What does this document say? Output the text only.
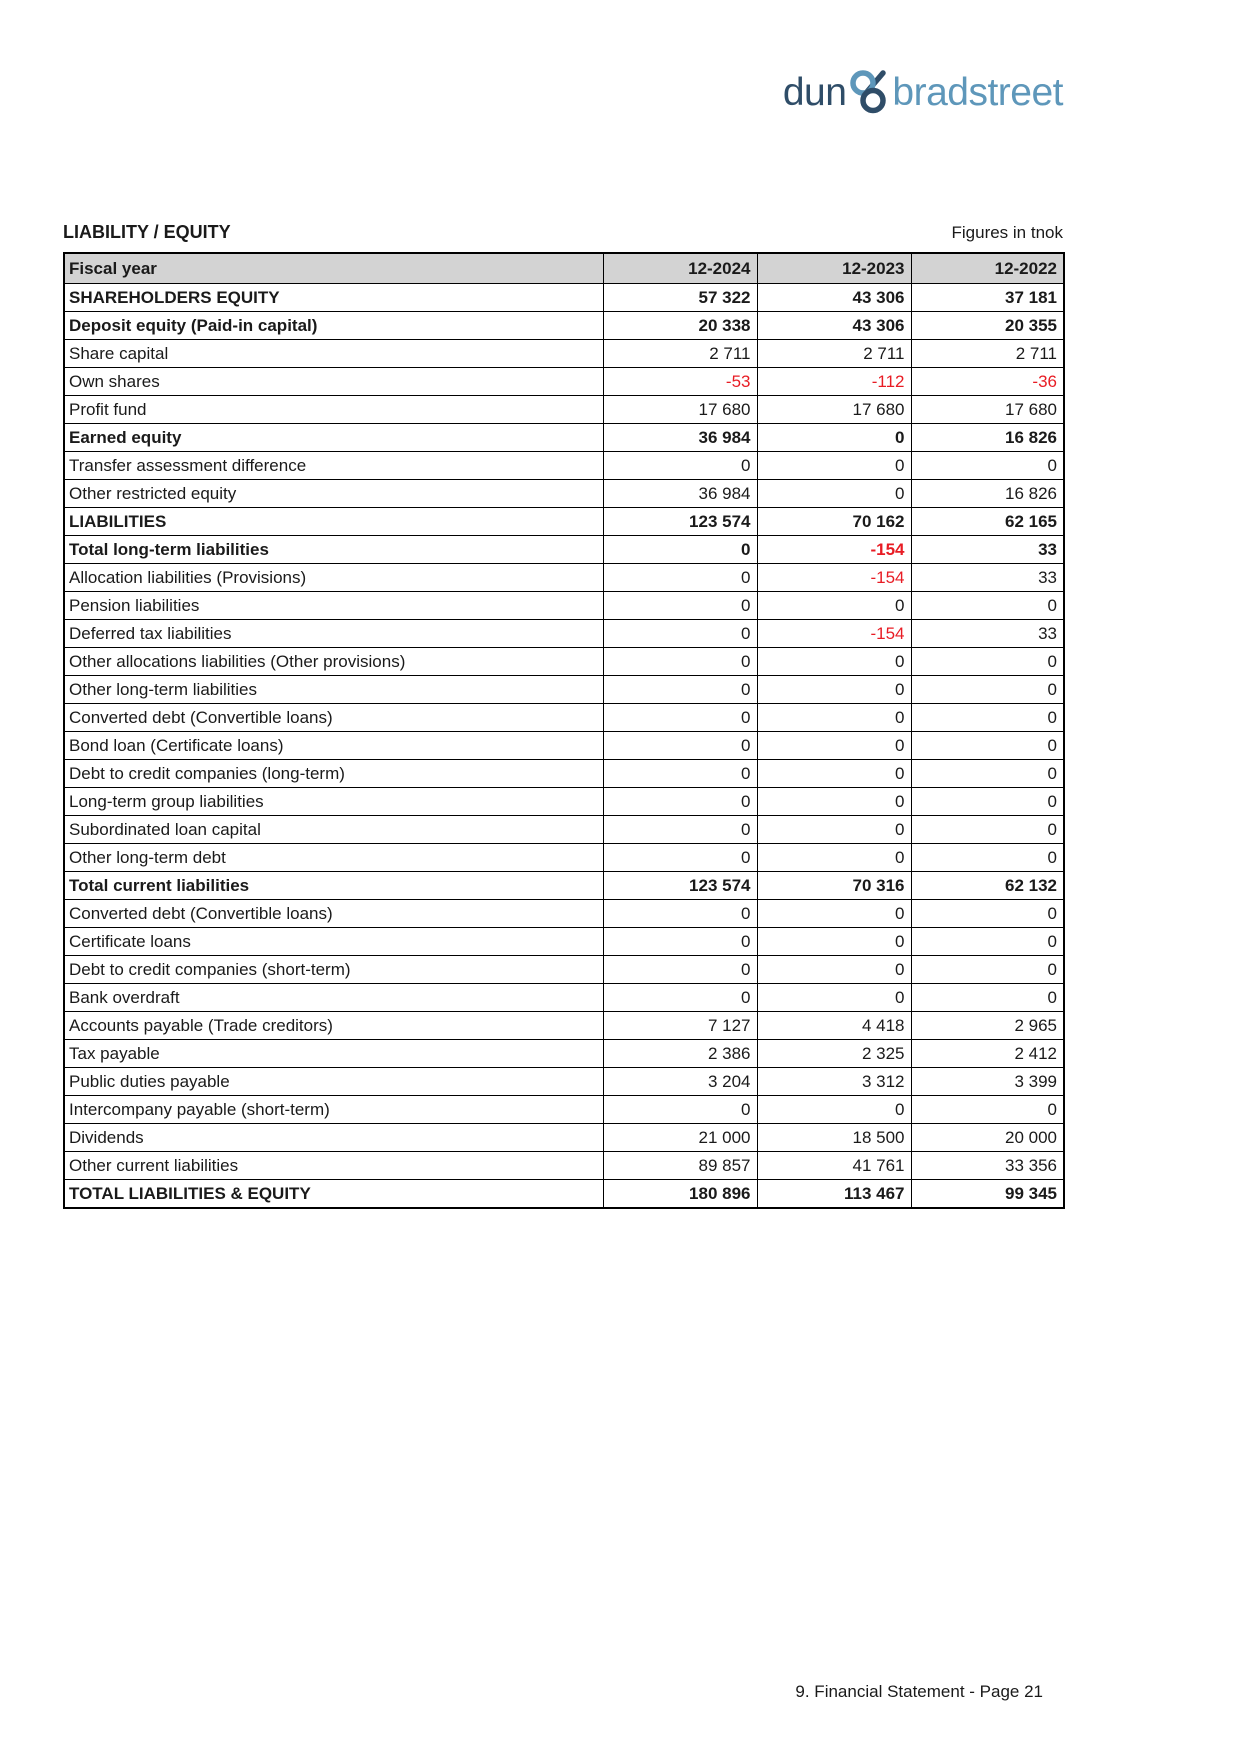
dun bradstreet
LIABILITY / EQUITY	Figures in tnok
Fiscal year	12-2024	12-2023	12-2022
SHAREHOLDERS EQUITY	57 322	43 306	37 181
Deposit equity (Paid-in capital)	20 338	43 306	20 355
Share capital	2 711	2 711	2 711
Own shares	-53	-112	-36
Profit fund	17 680	17 680	17 680
Earned equity	36 984	0	16 826
Transfer assessment difference	0	0	0
Other restricted equity	36 984	0	16 826
LIABILITIES	123 574	70 162	62 165
Total long-term liabilities	0	-154	33
Allocation liabilities (Provisions)	0	-154	33
Pension liabilities	0	0	0
Deferred tax liabilities	0	-154	33
Other allocations liabilities (Other provisions)	0	0	0
Other long-term liabilities	0	0	0
Converted debt (Convertible loans)	0	0	0
Bond loan (Certificate loans)	0	0	0
Debt to credit companies (long-term)	0	0	0
Long-term group liabilities	0	0	0
Subordinated loan capital	0	0	0
Other long-term debt	0	0	0
Total current liabilities	123 574	70 316	62 132
Converted debt (Convertible loans)	0	0	0
Certificate loans	0	0	0
Debt to credit companies (short-term)	0	0	0
Bank overdraft	0	0	0
Accounts payable (Trade creditors)	7 127	4 418	2 965
Tax payable	2 386	2 325	2 412
Public duties payable	3 204	3 312	3 399
Intercompany payable (short-term)	0	0	0
Dividends	21 000	18 500	20 000
Other current liabilities	89 857	41 761	33 356
TOTAL LIABILITIES & EQUITY	180 896	113 467	99 345
9. Financial Statement - Page 21
